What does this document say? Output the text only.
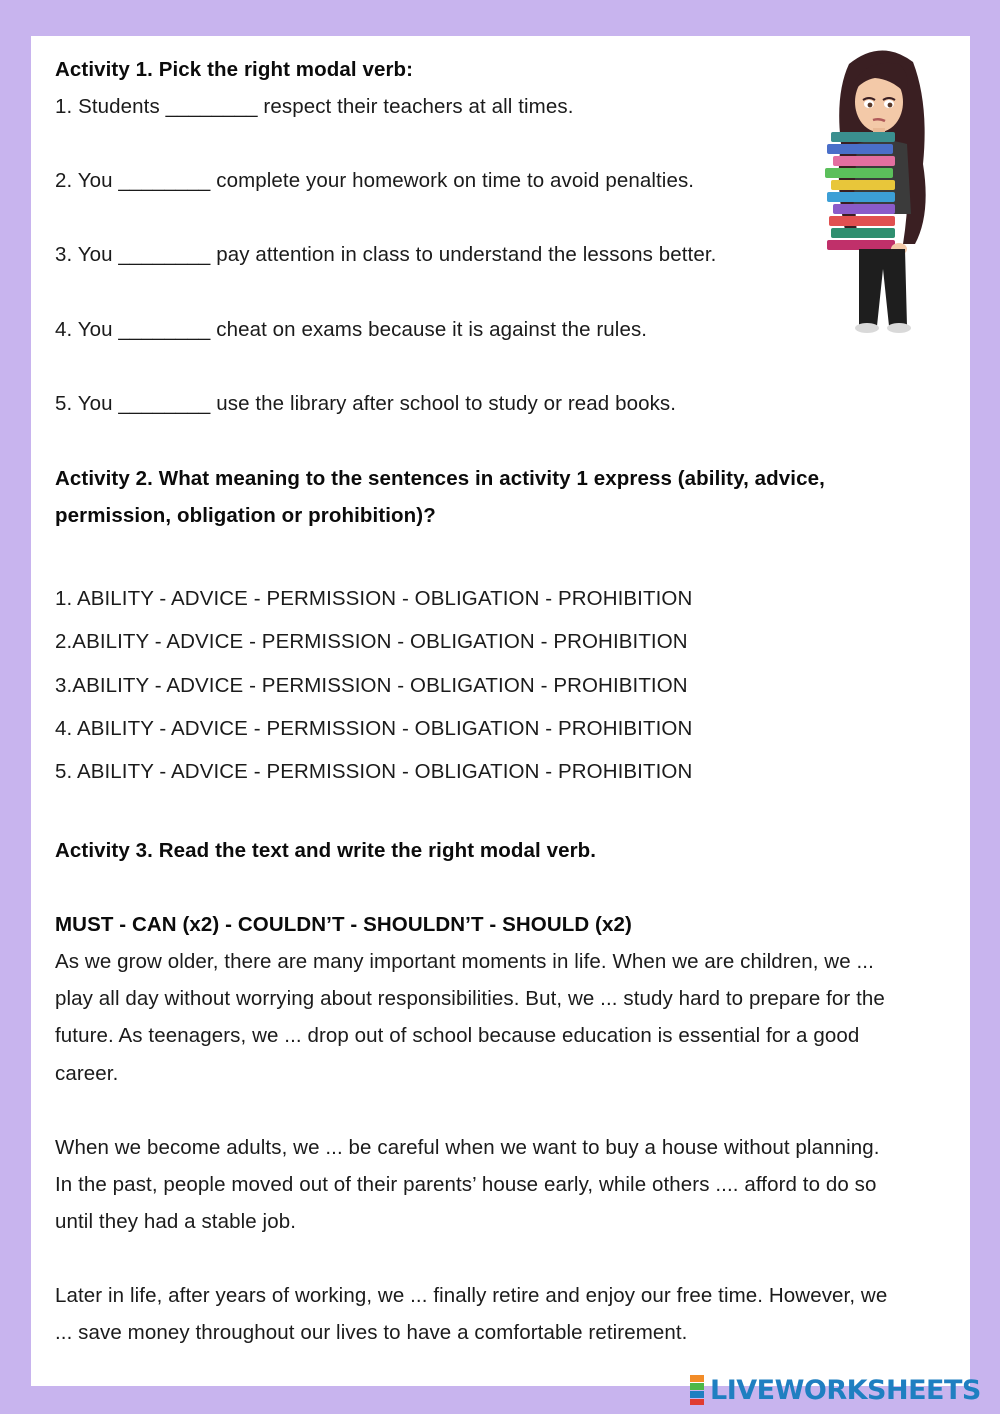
Activity 1. Pick the right modal verb:
1. Students ________ respect their teachers at all times.
2. You ________ complete your homework on time to avoid penalties.
3. You ________ pay attention in class to understand the lessons better.
4. You ________ cheat on exams because it is against the rules.
5. You ________ use the library after school to study or read books.
Activity 2. What meaning to the sentences in activity 1 express (ability, advice,
permission, obligation or prohibition)?
1. ABILITY - ADVICE - PERMISSION - OBLIGATION - PROHIBITION
2.ABILITY - ADVICE - PERMISSION - OBLIGATION - PROHIBITION
3.ABILITY - ADVICE - PERMISSION - OBLIGATION - PROHIBITION
4. ABILITY - ADVICE - PERMISSION - OBLIGATION - PROHIBITION
5. ABILITY - ADVICE - PERMISSION - OBLIGATION - PROHIBITION
Activity 3. Read the text and write the right modal verb.
MUST - CAN (x2) - COULDN’T - SHOULDN’T - SHOULD (x2)
As we grow older, there are many important moments in life. When we are children, we ...
play all day without worrying about responsibilities. But, we ... study hard to prepare for the
future. As teenagers, we ... drop out of school because education is essential for a good
career.
When we become adults, we ... be careful when we want to buy a house without planning.
In the past, people moved out of their parents’ house early, while others .... afford to do so
until they had a stable job.
Later in life, after years of working, we ... finally retire and enjoy our free time. However, we
... save money throughout our lives to have a comfortable retirement.
LIVEWORKSHEETS
